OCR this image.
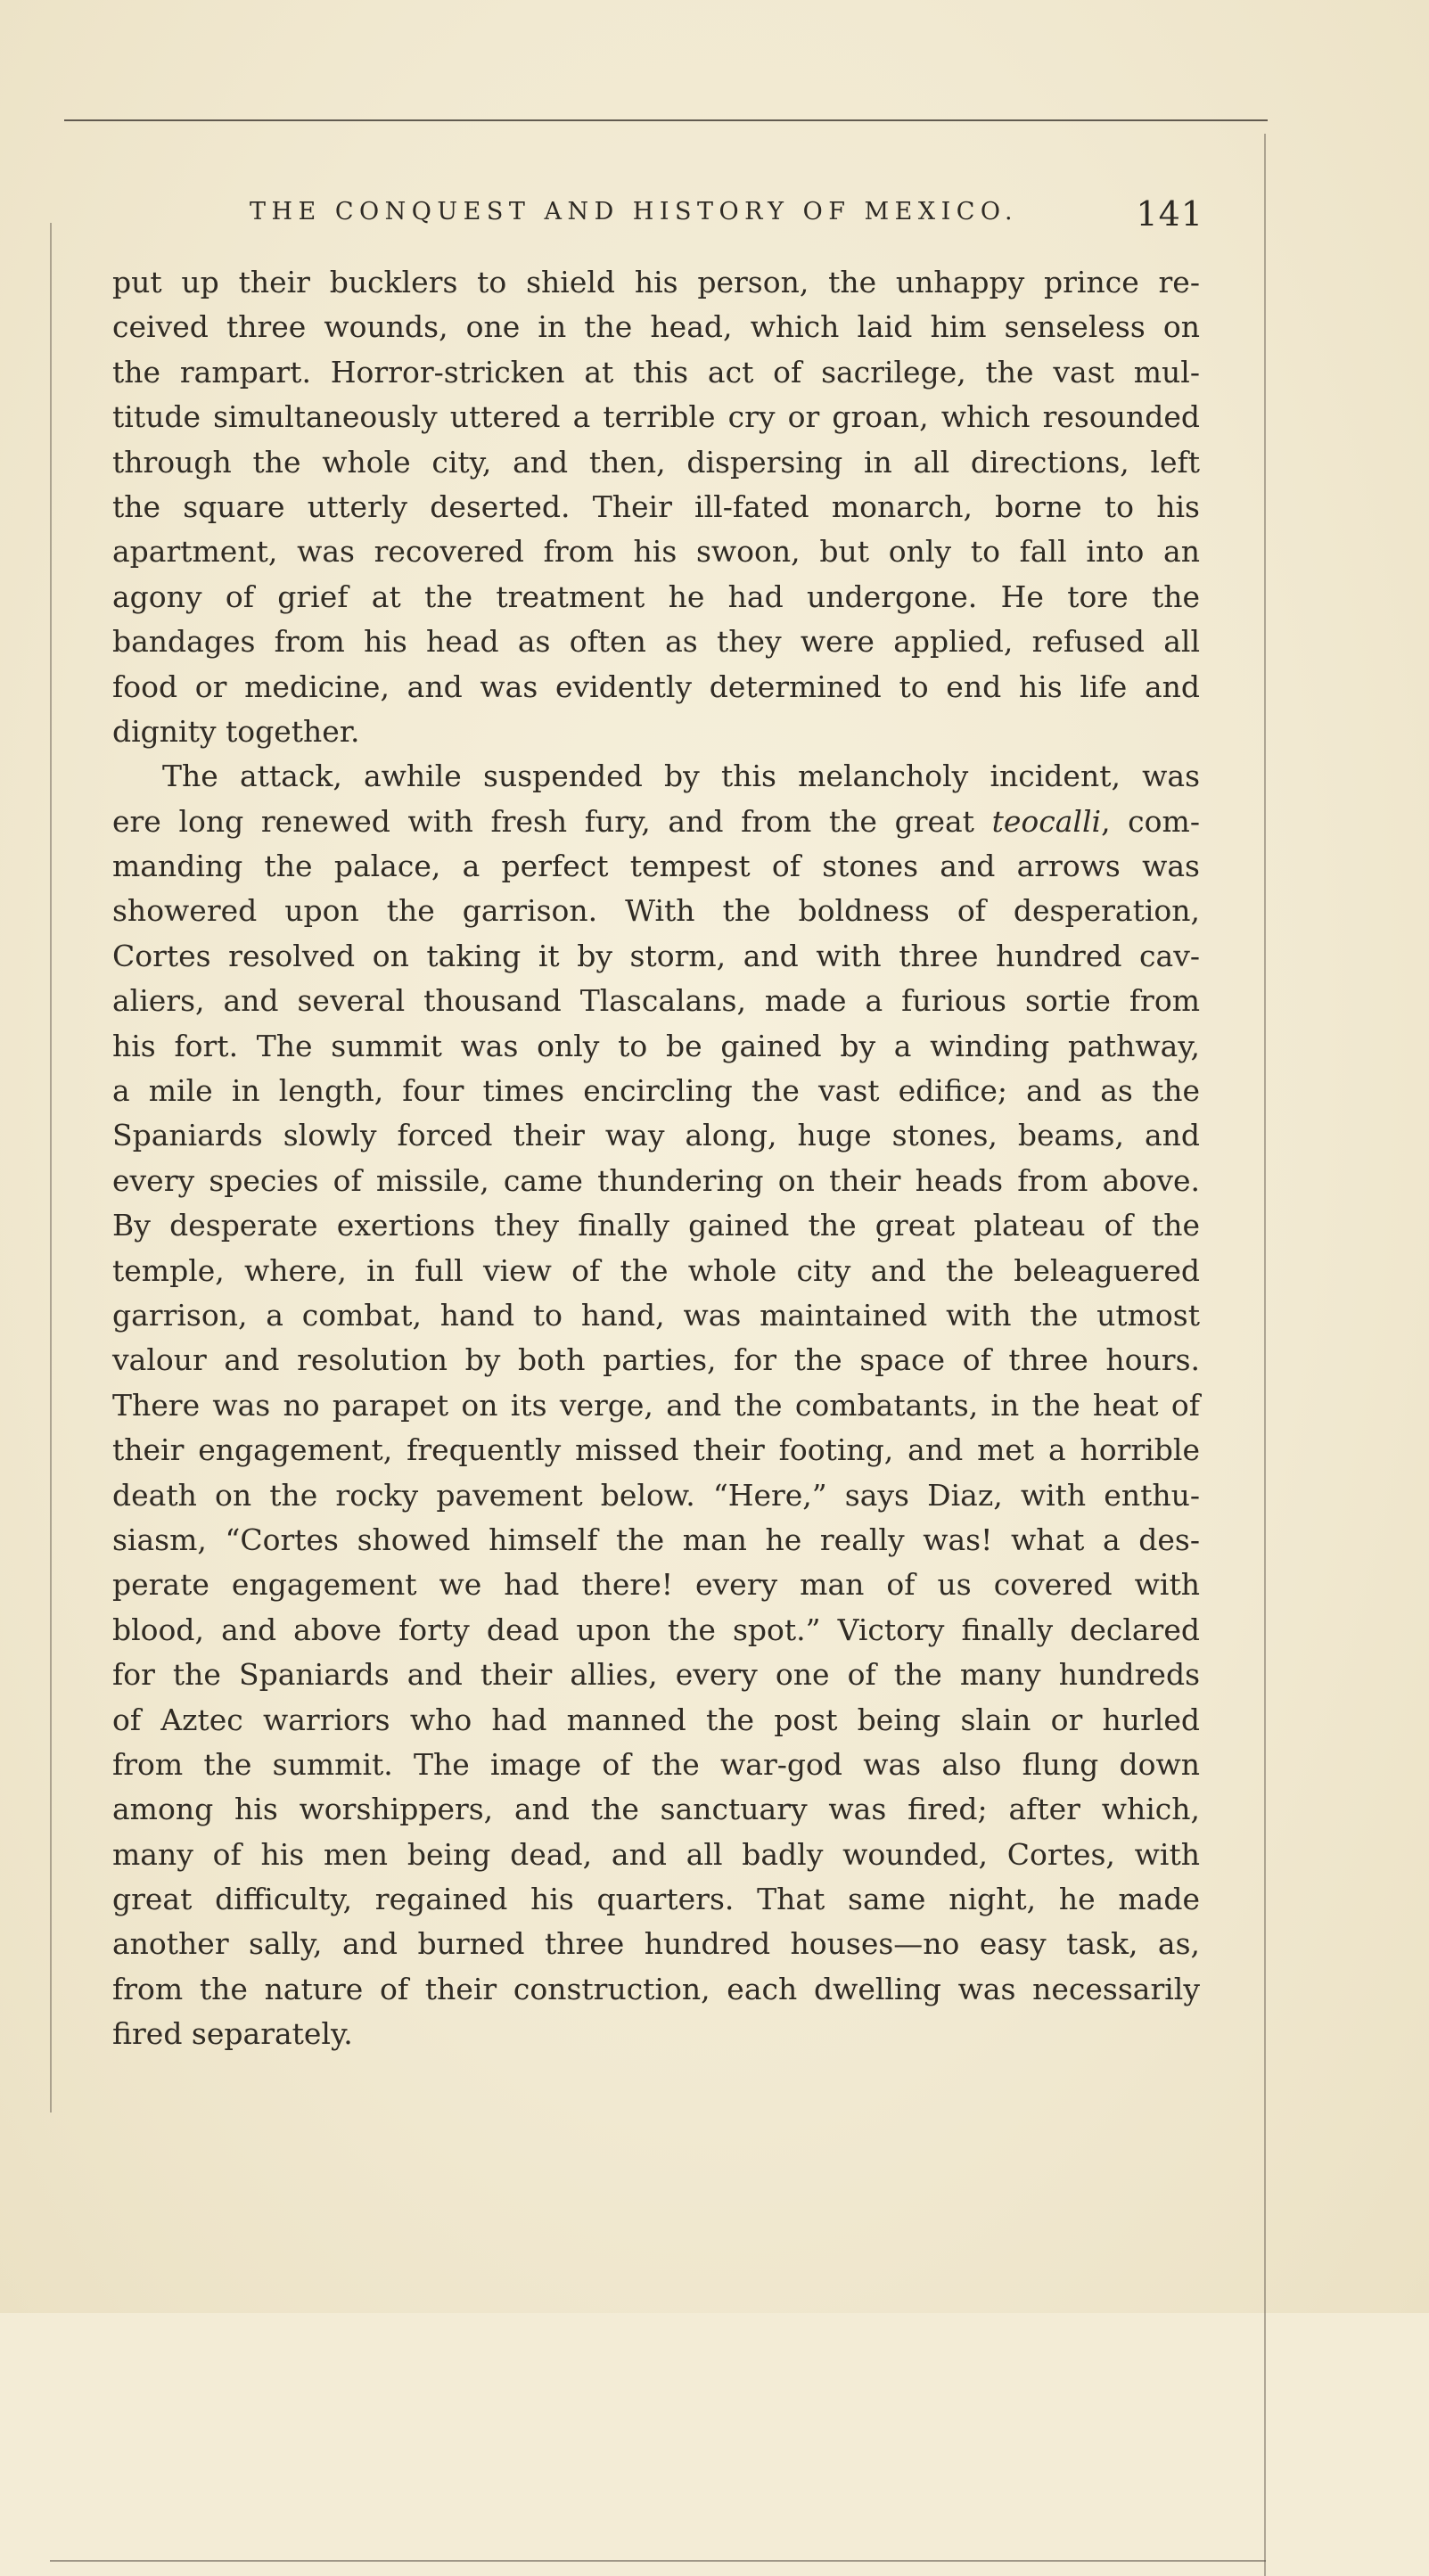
THE CONQUEST AND HISTORY OF MEXICO.	141
put up their bucklers to shield his person, the unhappy prince re-
ceived three wounds, one in the head, which laid him senseless on
the rampart. Horror-stricken at this act of sacrilege, the vast mul-
titude simultaneously uttered a terrible cry or groan, which resounded
through the whole city, and then, dispersing in all directions, left
the square utterly deserted. Their ill-fated monarch, borne to his
apartment, was recovered from his swoon, but only to fall into an
agony of grief at the treatment he had undergone. He tore the
bandages from his head as often as they were applied, refused all
food or medicine, and was evidently determined to end his life and
dignity together.
The attack, awhile suspended by this melancholy incident, was
ere long renewed with fresh fury, and from the great teocalli, com-
manding the palace, a perfect tempest of stones and arrows was
showered upon the garrison. With the boldness of desperation,
Cortes resolved on taking it by storm, and with three hundred cav-
aliers, and several thousand Tlascalans, made a furious sortie from
his fort. The summit was only to be gained by a winding pathway,
a mile in length, four times encircling the vast edifice; and as the
Spaniards slowly forced their way along, huge stones, beams, and
every species of missile, came thundering on their heads from above.
By desperate exertions they finally gained the great plateau of the
temple, where, in full view of the whole city and the beleaguered
garrison, a combat, hand to hand, was maintained with the utmost
valour and resolution by both parties, for the space of three hours.
There was no parapet on its verge, and the combatants, in the heat of
their engagement, frequently missed their footing, and met a horrible
death on the rocky pavement below. “Here,” says Diaz, with enthu-
siasm, “Cortes showed himself the man he really was! what a des-
perate engagement we had there! every man of us covered with
blood, and above forty dead upon the spot.” Victory finally declared
for the Spaniards and their allies, every one of the many hundreds
of Aztec warriors who had manned the post being slain or hurled
from the summit. The image of the war-god was also flung down
among his worshippers, and the sanctuary was fired; after which,
many of his men being dead, and all badly wounded, Cortes, with
great difficulty, regained his quarters. That same night, he made
another sally, and burned three hundred houses—no easy task, as,
from the nature of their construction, each dwelling was necessarily
fired separately.
